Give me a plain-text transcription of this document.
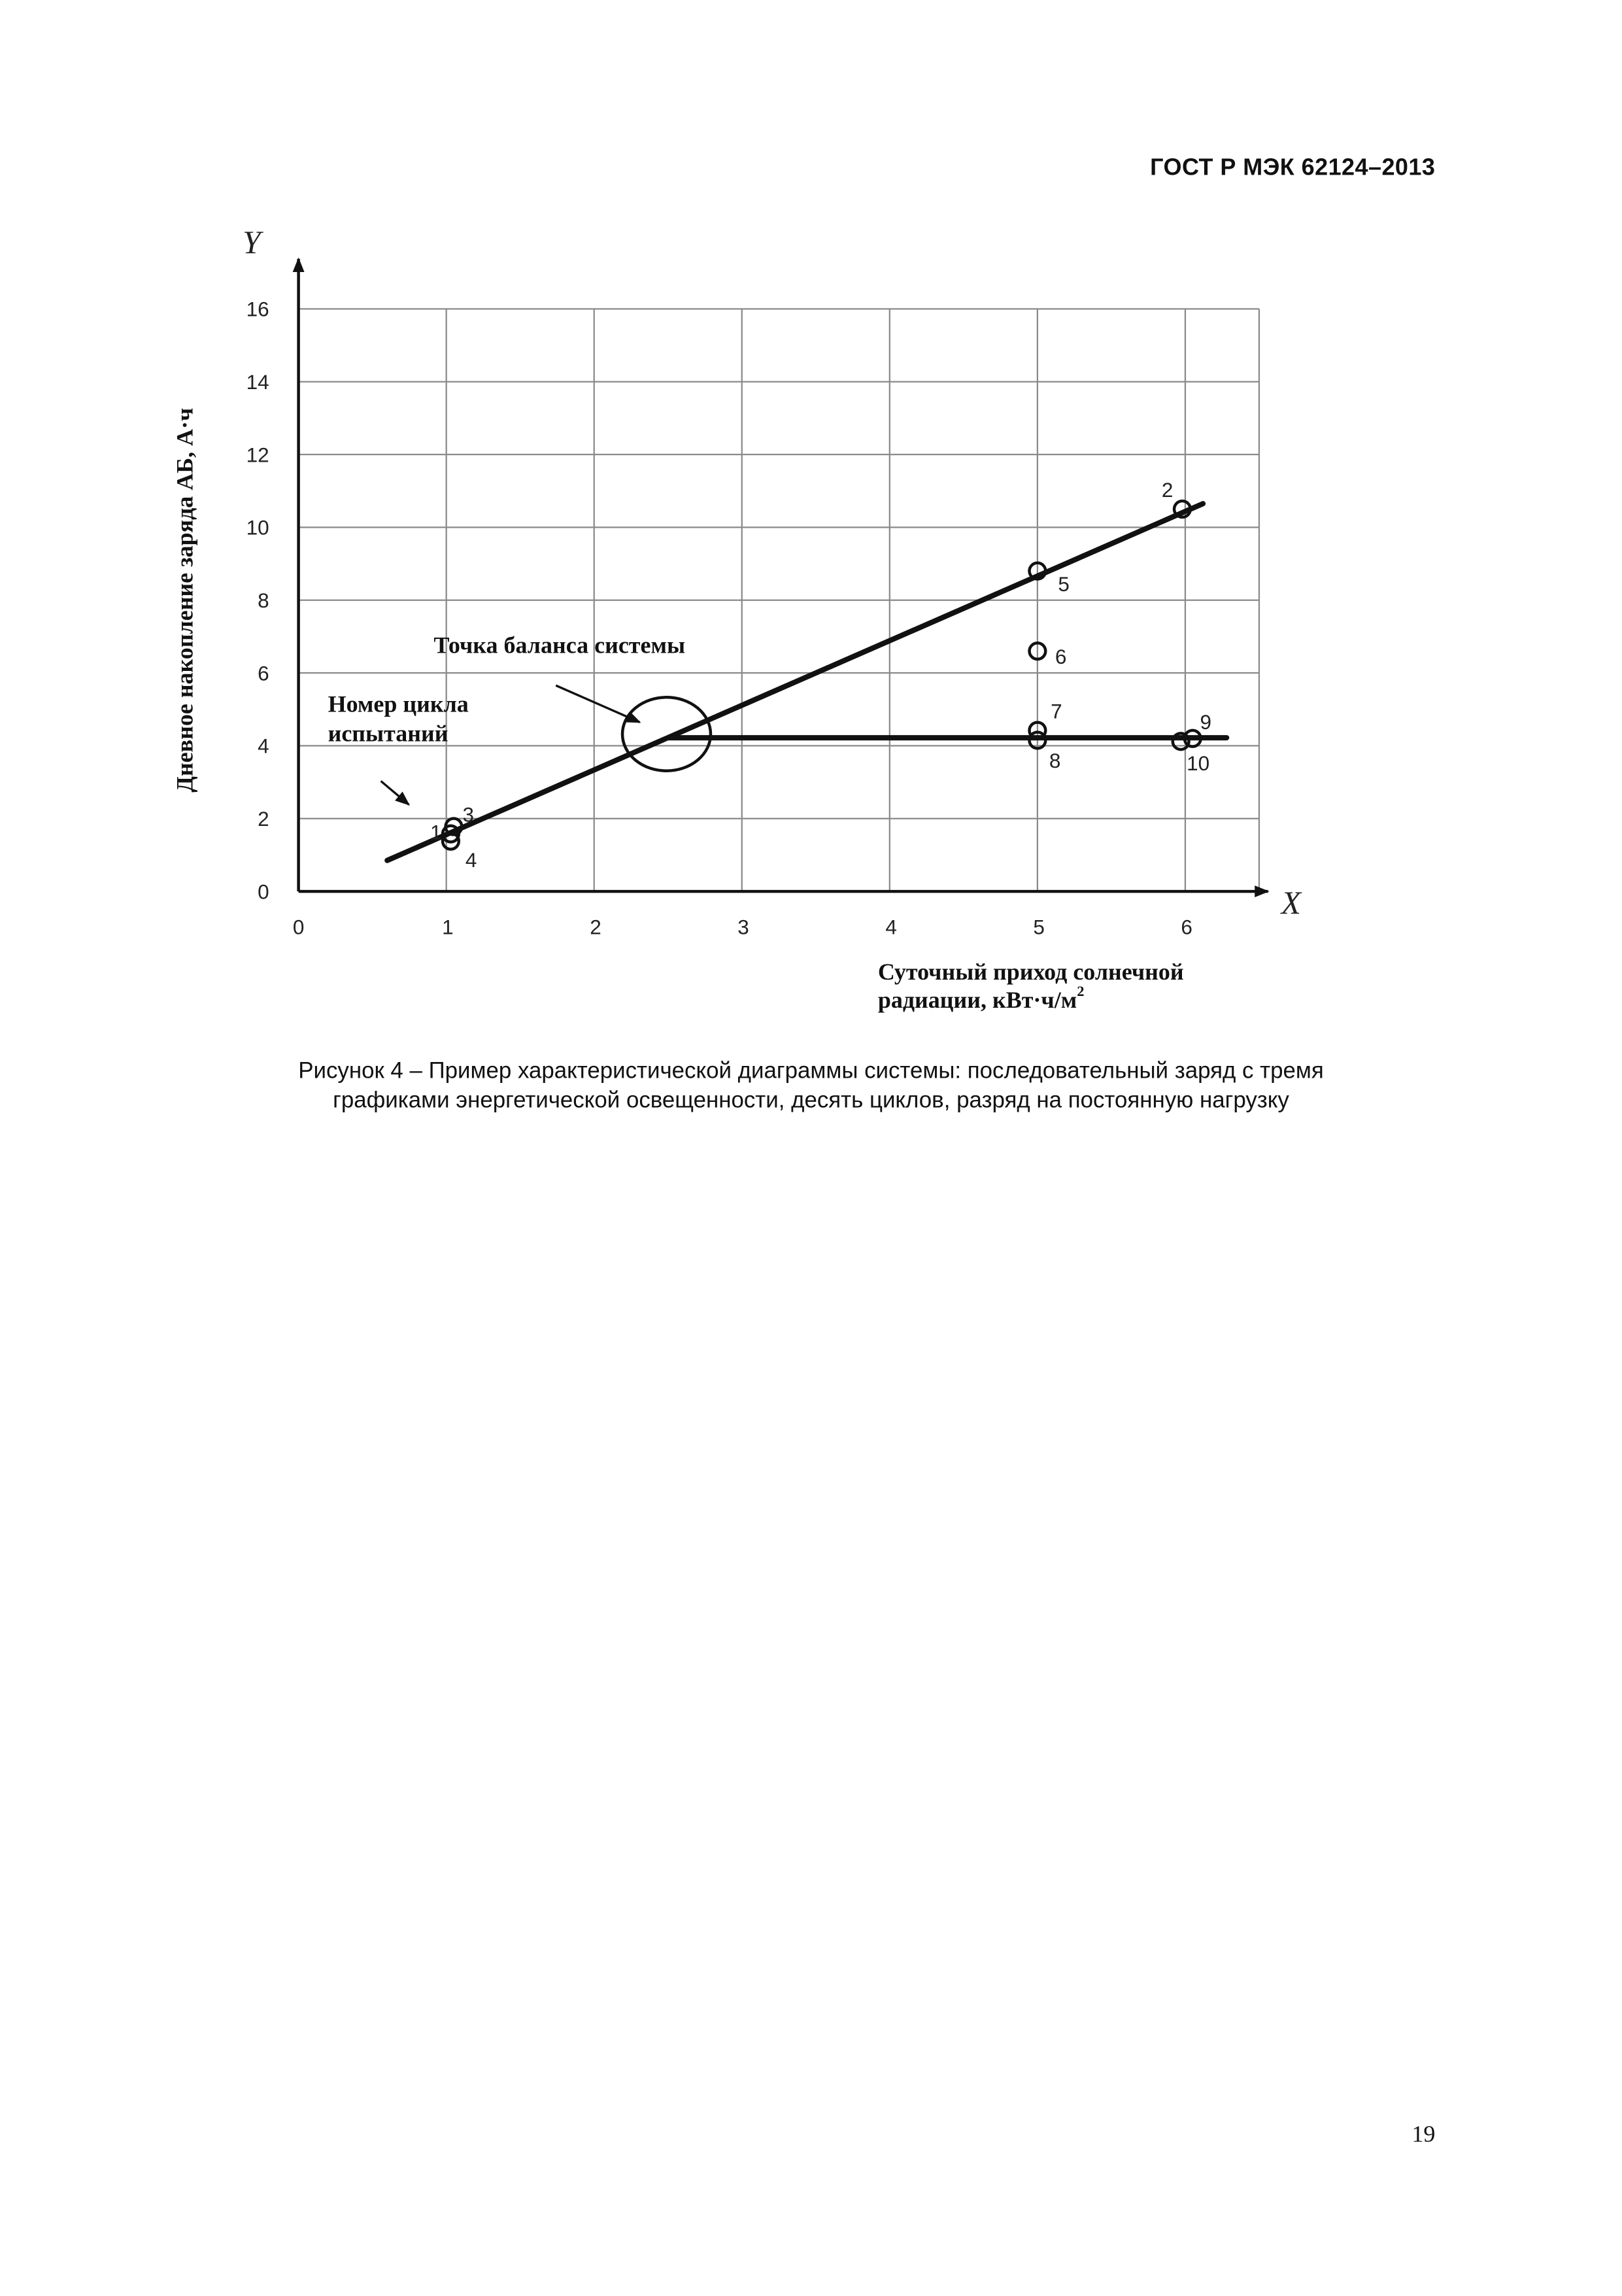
ГОСТ Р МЭК 62124–2013
X
Y
0	1	2	3	4	5	6
0
2
4
6
8
10
12
14
16
1
3
4
2
5
6
7
8
9
10
Дневное накопление заряда АБ, А·ч	Точка баланса системы
Номер цикла
испытаний
Суточный приход солнечной
радиации, $кВт\cdot ч/м^2$
Рисунок 4 – Пример характеристической диаграммы системы: последовательный заряд с тремя
графиками энергетической освещенности, десять циклов, разряд на постоянную нагрузку
19
